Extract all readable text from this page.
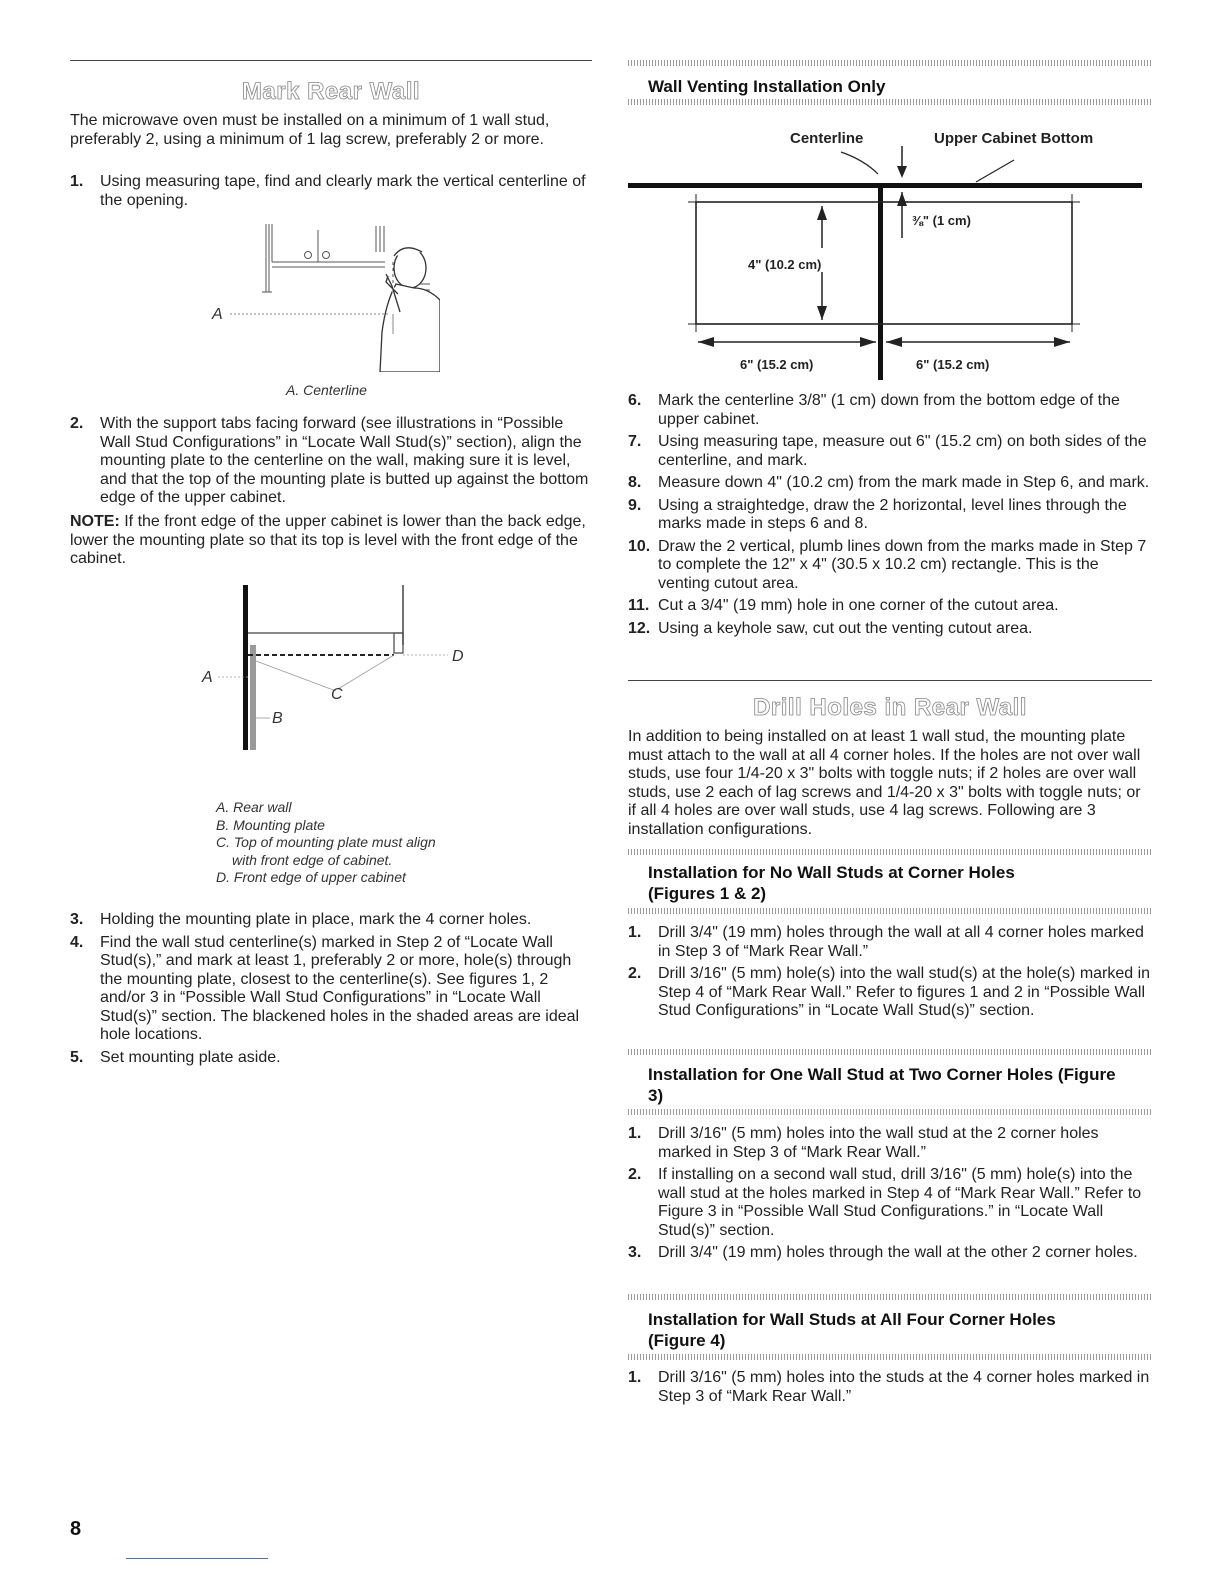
Mark Rear Wall
The microwave oven must be installed on a minimum of 1 wall stud, preferably 2, using a minimum of 1 lag screw, preferably 2 or more.
1.	Using measuring tape, find and clearly mark the vertical centerline of the opening.
A
A. Centerline
2.	With the support tabs facing forward (see illustrations in “Possible Wall Stud Configurations” in “Locate Wall Stud(s)” section), align the mounting plate to the centerline on the wall, making sure it is level, and that the top of the mounting plate is butted up against the bottom edge of the upper cabinet.
NOTE: If the front edge of the upper cabinet is lower than the back edge, lower the mounting plate so that its top is level with the front edge of the cabinet.
A
B
C
D
A. Rear wall
B. Mounting plate
C. Top of mounting plate must align
with front edge of cabinet.
D. Front edge of upper cabinet
3.	Holding the mounting plate in place, mark the 4 corner holes.
4.	Find the wall stud centerline(s) marked in Step 2 of “Locate Wall Stud(s),” and mark at least 1, preferably 2 or more, hole(s) through the mounting plate, closest to the centerline(s). See figures 1, 2 and/or 3 in “Possible Wall Stud Configurations” in “Locate Wall Stud(s)” section. The blackened holes in the shaded areas are ideal hole locations.
5.	Set mounting plate aside.
Wall Venting Installation Only
Centerline	Upper Cabinet Bottom
4" (10.2 cm)
⅜" (1 cm)
6" (15.2 cm)	6" (15.2 cm)
6.	Mark the centerline 3/8" (1 cm) down from the bottom edge of the upper cabinet.
7.	Using measuring tape, measure out 6" (15.2 cm) on both sides of the centerline, and mark.
8.	Measure down 4" (10.2 cm) from the mark made in Step 6, and mark.
9.	Using a straightedge, draw the 2 horizontal, level lines through the marks made in steps 6 and 8.
10. Draw the 2 vertical, plumb lines down from the marks made in Step 7 to complete the 12" x 4" (30.5 x 10.2 cm) rectangle. This is the venting cutout area.
11. Cut a 3/4" (19 mm) hole in one corner of the cutout area.
12. Using a keyhole saw, cut out the venting cutout area.
Drill Holes in Rear Wall
In addition to being installed on at least 1 wall stud, the mounting plate must attach to the wall at all 4 corner holes. If the holes are not over wall studs, use four 1/4-20 x 3" bolts with toggle nuts; if 2 holes are over wall studs, use 2 each of lag screws and 1/4-20 x 3" bolts with toggle nuts; or if all 4 holes are over wall studs, use 4 lag screws. Following are 3 installation configurations.
Installation for No Wall Studs at Corner Holes (Figures 1 & 2)
1.	Drill 3/4" (19 mm) holes through the wall at all 4 corner holes marked in Step 3 of “Mark Rear Wall.”
2.	Drill 3/16" (5 mm) hole(s) into the wall stud(s) at the hole(s) marked in Step 4 of “Mark Rear Wall.” Refer to figures 1 and 2 in “Possible Wall Stud Configurations” in “Locate Wall Stud(s)” section.
Installation for One Wall Stud at Two Corner Holes (Figure 3)
1.	Drill 3/16" (5 mm) holes into the wall stud at the 2 corner holes marked in Step 3 of “Mark Rear Wall.”
2.	If installing on a second wall stud, drill 3/16" (5 mm) hole(s) into the wall stud at the holes marked in Step 4 of “Mark Rear Wall.” Refer to Figure 3 in “Possible Wall Stud Configurations.” in “Locate Wall Stud(s)” section.
3.	Drill 3/4" (19 mm) holes through the wall at the other 2 corner holes.
Installation for Wall Studs at All Four Corner Holes (Figure 4)
1.	Drill 3/16" (5 mm) holes into the studs at the 4 corner holes marked in Step 3 of “Mark Rear Wall.”
8
